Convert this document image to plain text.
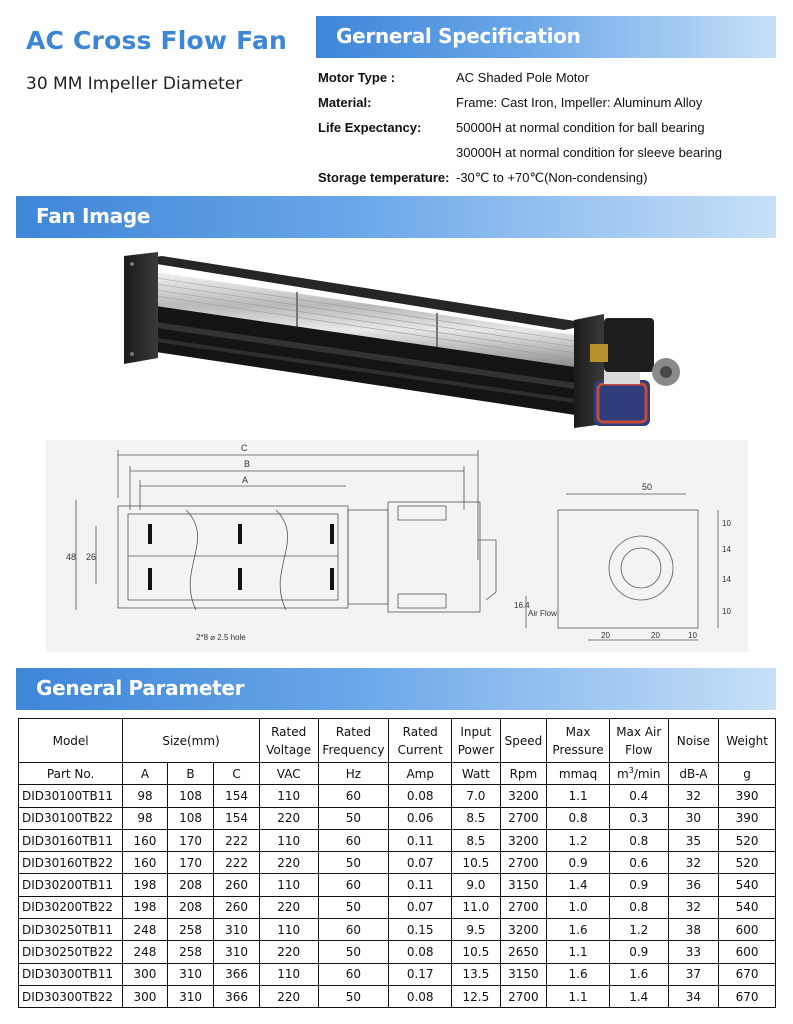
AC Cross Flow Fan
30 MM Impeller Diameter
Gerneral Specification
Motor Type :	AC Shaded Pole Motor
Material:	Frame: Cast Iron, Impeller: Aluminum Alloy
Life Expectancy:	50000H at normal condition for ball bearing
30000H at normal condition for sleeve bearing
Storage temperature: -30℃ to +70℃(Non-condensing)
Fan Image
C
B
A
48 26
2*8 ⌀ 2.5 hole
50
10
14
14
10
16.4
Air Flow
20	20	10
General Parameter
Model	Size(mm)			Rated Voltage	Rated Frequency	Rated Current	Input Power	Speed	Max Pressure	Max Air Flow	Noise	Weight
Part No.	A	B	C	VAC	Hz	Amp	Watt	Rpm	mmaq	$m^3/\min$	dB-A	g
DID30100TB11	98	108	154	110	60	0.08	7.0	3200	1.1	0.4	32	390
DID30100TB22	98	108	154	220	50	0.06	8.5	2700	0.8	0.3	30	390
DID30160TB11	160	170	222	110	60	0.11	8.5	3200	1.2	0.8	35	520
DID30160TB22	160	170	222	220	50	0.07	10.5	2700	0.9	0.6	32	520
DID30200TB11	198	208	260	110	60	0.11	9.0	3150	1.4	0.9	36	540
DID30200TB22	198	208	260	220	50	0.07	11.0	2700	1.0	0.8	32	540
DID30250TB11	248	258	310	110	60	0.15	9.5	3200	1.6	1.2	38	600
DID30250TB22	248	258	310	220	50	0.08	10.5	2650	1.1	0.9	33	600
DID30300TB11	300	310	366	110	60	0.17	13.5	3150	1.6	1.6	37	670
DID30300TB22	300	310	366	220	50	0.08	12.5	2700	1.1	1.4	34	670
